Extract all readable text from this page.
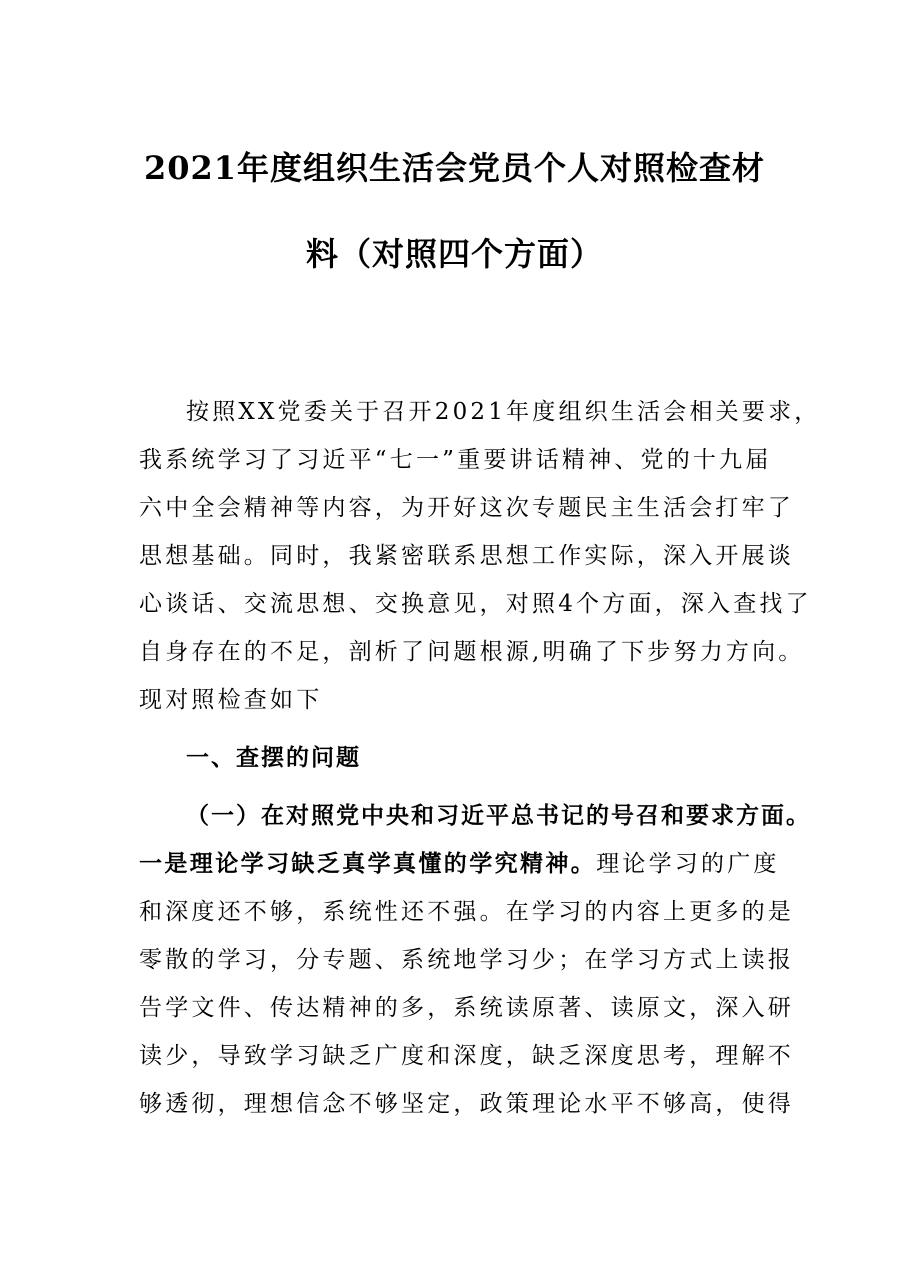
2021年度组织生活会党员个人对照检查材
料（对照四个方面）
按照XX党委关于召开2021年度组织生活会相关要求，
我系统学习了习近平“七一”重要讲话精神、党的十九届
六中全会精神等内容，为开好这次专题民主生活会打牢了
思想基础。同时，我紧密联系思想工作实际，深入开展谈
心谈话、交流思想、交换意见，对照4个方面，深入查找了
自身存在的不足，剖析了问题根源,明确了下步努力方向。
现对照检查如下
一、查摆的问题
（一）在对照党中央和习近平总书记的号召和要求方面。
一是理论学习缺乏真学真懂的学究精神。理论学习的广度
和深度还不够，系统性还不强。在学习的内容上更多的是
零散的学习，分专题、系统地学习少；在学习方式上读报
告学文件、传达精神的多，系统读原著、读原文，深入研
读少，导致学习缺乏广度和深度，缺乏深度思考，理解不
够透彻，理想信念不够坚定，政策理论水平不够高，使得
